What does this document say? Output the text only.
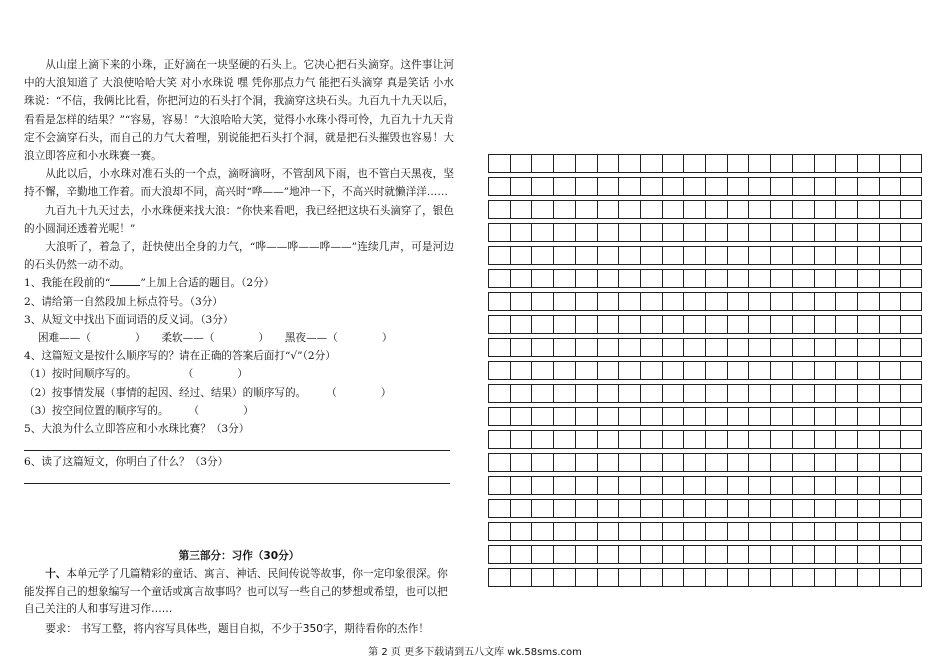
从山崖上滴下来的小珠，正好滴在一块坚硬的石头上。它决心把石头滴穿。这件事让河中的大浪知道了 大浪使哈哈大笑 对小水珠说 嘿 凭你那点力气 能把石头滴穿 真是笑话 小水珠说：“不信，我俩比比看，你把河边的石头打个洞，我滴穿这块石头。九百九十九天以后，看看是怎样的结果？”“容易，容易！”大浪哈哈大笑，觉得小水珠小得可怜，九百九十九天肯定不会滴穿石头，而自己的力气大着哩，别说能把石头打个洞，就是把石头摧毁也容易！大浪立即答应和小水珠赛一赛。

从此以后，小水珠对准石头的一个点，滴呀滴呀，不管刮风下雨，也不管白天黑夜，坚持不懈，辛勤地工作着。而大浪却不同，高兴时“哗——”地冲一下，不高兴时就懒洋洋……

九百九十九天过去，小水珠便来找大浪：“你快来看吧，我已经把这块石头滴穿了，银色的小圆洞还透着光呢！”

大浪听了，着急了，赶快使出全身的力气，“哗——哗——哗——”连续几声，可是河边的石头仍然一动不动。

1、我能在段前的“	”上加上合适的题目。（2分）

2、请给第一自然段加上标点符号。（3分）

3、从短文中找出下面词语的反义词。（3分）

困难——（	）　　柔软——（	）　　黑夜——（	）

4、这篇短文是按什么顺序写的？请在正确的答案后面打“√”（2分）

（1）按时间顺序写的。	（	）

（2）按事情发展（事情的起因、经过、结果）的顺序写的。 （	）

（3）按空间位置的顺序写的。 （	）

5、大浪为什么立即答应和小水珠比赛？（3分）

6、读了这篇短文，你明白了什么？（3分）

第三部分：习作（30分）

十、本单元学了几篇精彩的童话、寓言、神话、民间传说等故事，你一定印象很深。你能发挥自己的想象编写一个童话或寓言故事吗？也可以写一些自己的梦想或希望，也可以把自己关注的人和事写进习作……

要求： 书写工整，将内容写具体些，题目自拟，不少于350字，期待看你的杰作！

第 2 页 更多下载请到五八文库 wk.58sms.com
